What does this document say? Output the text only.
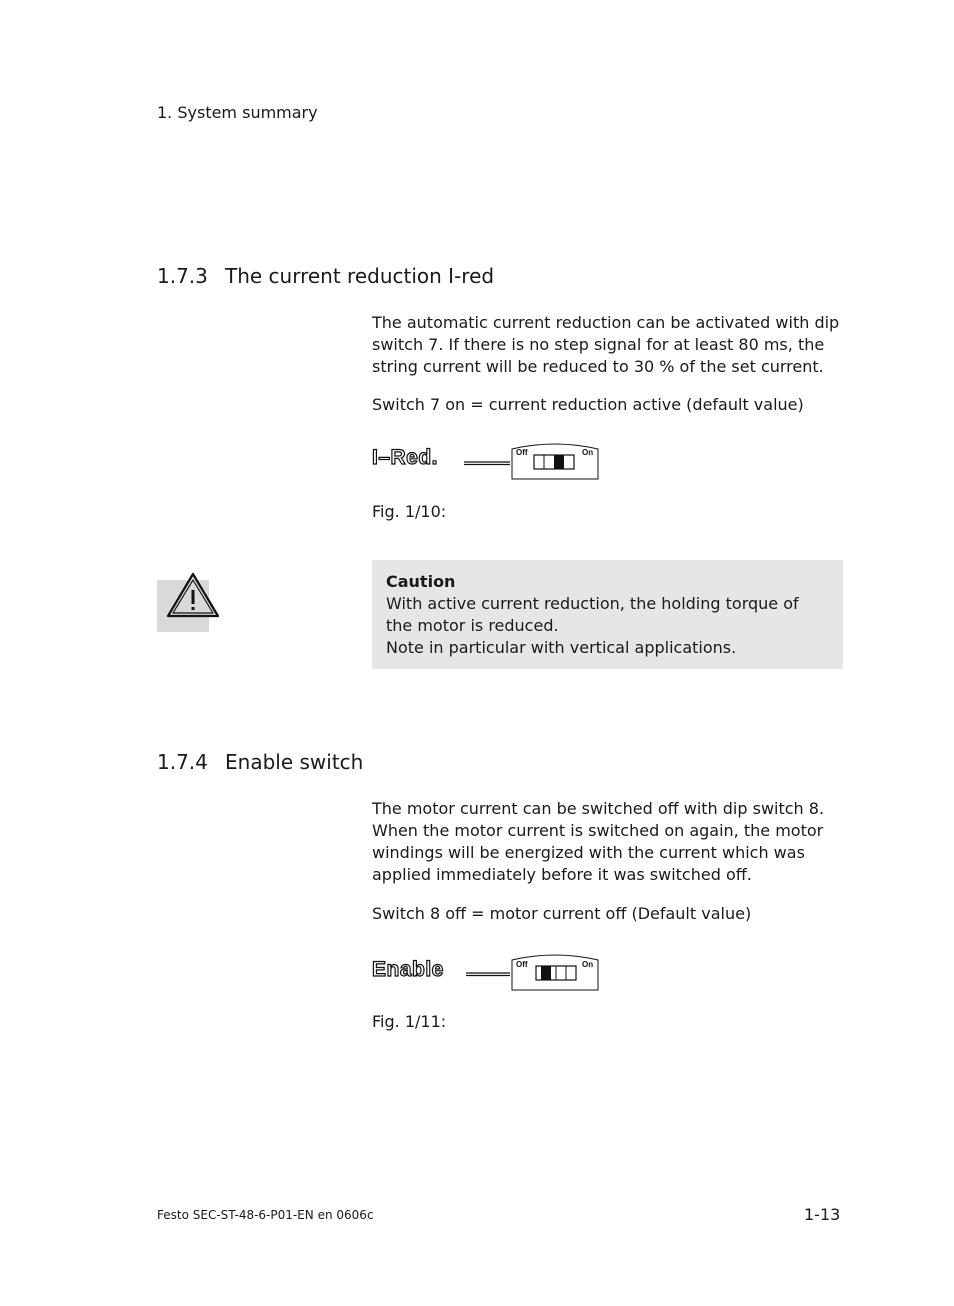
1. System summary
1.7.3 The current reduction I-red

The automatic current reduction can be activated with dip switch 7. If there is no step signal for at least 80 ms, the string current will be reduced to 30 % of the set current.

Switch 7 on = current reduction active (default value)

I–Red.	Off	On
Fig. 1/10:
Caution
With active current reduction, the holding torque of the motor is reduced.
Note in particular with vertical applications.
1.7.4 Enable switch

The motor current can be switched off with dip switch 8. When the motor current is switched on again, the motor windings will be energized with the current which was applied immediately before it was switched off.

Switch 8 off = motor current off (Default value)

Enable	Off	On
Fig. 1/11:
Festo SEC-ST-48-6-P01-EN en 0606c	1-13
